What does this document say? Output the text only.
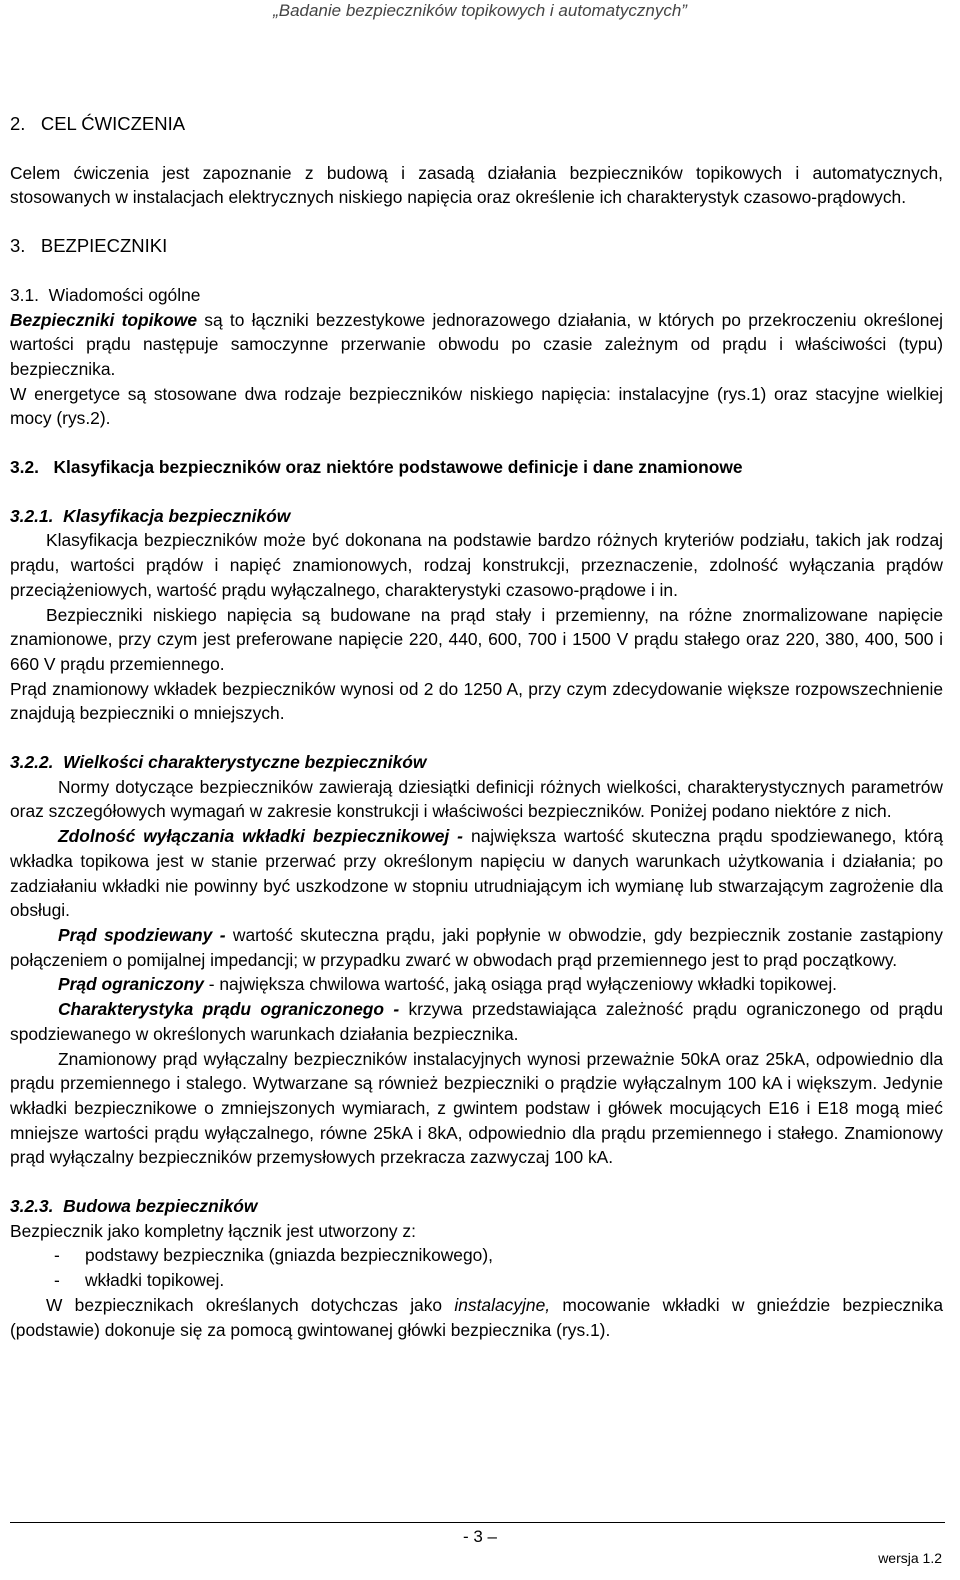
„Badanie bezpieczników topikowych i automatycznych”

2.   CEL ĆWICZENIA

Celem ćwiczenia jest zapoznanie z budową i zasadą działania bezpieczników topikowych i automatycznych, stosowanych w instalacjach elektrycznych niskiego napięcia oraz określenie ich charakterystyk czasowo-prądowych.

3.   BEZPIECZNIKI

3.1.  Wiadomości ogólne

Bezpieczniki topikowe są to łączniki bezzestykowe jednorazowego działania, w których po przekroczeniu określonej wartości prądu następuje samoczynne przerwanie obwodu po czasie zależnym od prądu i właściwości (typu) bezpiecznika.

W energetyce są stosowane dwa rodzaje bezpieczników niskiego napięcia: instalacyjne (rys.1) oraz stacyjne wielkiej mocy (rys.2).

3.2.   Klasyfikacja bezpieczników oraz niektóre podstawowe definicje i dane znamionowe

3.2.1.  Klasyfikacja bezpieczników

Klasyfikacja bezpieczników może być dokonana na podstawie bardzo różnych kryteriów podziału, takich jak rodzaj prądu, wartości prądów i napięć znamionowych, rodzaj konstrukcji, przeznaczenie, zdolność wyłączania prądów przeciążeniowych, wartość prądu wyłączalnego, charakterystyki czasowo-prądowe i in.

Bezpieczniki niskiego napięcia są budowane na prąd stały i przemienny, na różne znormalizowane napięcie znamionowe, przy czym jest preferowane napięcie 220, 440, 600, 700 i 1500 V prądu stałego oraz 220, 380, 400, 500 i 660 V prądu przemiennego.

Prąd znamionowy wkładek bezpieczników wynosi od 2 do 1250 A, przy czym zdecydowanie większe rozpowszechnienie znajdują bezpieczniki o mniejszych.

3.2.2.  Wielkości charakterystyczne bezpieczników

Normy dotyczące bezpieczników zawierają dziesiątki definicji różnych wielkości, charakterystycznych parametrów oraz szczegółowych wymagań w zakresie konstrukcji i właściwości bezpieczników. Poniżej podano niektóre z nich.

Zdolność wyłączania wkładki bezpiecznikowej - największa wartość skuteczna prądu spodziewanego, którą wkładka topikowa jest w stanie przerwać przy określonym napięciu w danych warunkach użytkowania i działania; po zadziałaniu wkładki nie powinny być uszkodzone w stopniu utrudniającym ich wymianę lub stwarzającym zagrożenie dla obsługi.

Prąd spodziewany - wartość skuteczna prądu, jaki popłynie w obwodzie, gdy bezpiecznik zostanie zastąpiony połączeniem o pomijalnej impedancji; w przypadku zwarć w obwodach prąd przemiennego jest to prąd początkowy.

Prąd ograniczony - największa chwilowa wartość, jaką osiąga prąd wyłączeniowy wkładki topikowej.

Charakterystyka prądu ograniczonego - krzywa przedstawiająca zależność prądu ograniczonego od prądu spodziewanego w określonych warunkach działania bezpiecznika.

Znamionowy prąd wyłączalny bezpieczników instalacyjnych wynosi przeważnie 50kA oraz 25kA, odpowiednio dla prądu przemiennego i stalego. Wytwarzane są również bezpieczniki o prądzie wyłączalnym 100 kA i większym. Jedynie wkładki bezpiecznikowe o zmniejszonych wymiarach, z gwintem podstaw i główek mocujących E16 i E18 mogą mieć mniejsze wartości prądu wyłączalnego, równe 25kA i 8kA, odpowiednio dla prądu przemiennego i stałego. Znamionowy prąd wyłączalny bezpieczników przemysłowych przekracza zazwyczaj 100 kA.

3.2.3.  Budowa bezpieczników

Bezpiecznik jako kompletny łącznik jest utworzony z:

- podstawy bezpiecznika (gniazda bezpiecznikowego),
- wkładki topikowej.

W bezpiecznikach określanych dotychczas jako instalacyjne, mocowanie wkładki w gnieździe bezpiecznika (podstawie) dokonuje się za pomocą gwintowanej główki bezpiecznika (rys.1).

- 3 –
wersja 1.2
